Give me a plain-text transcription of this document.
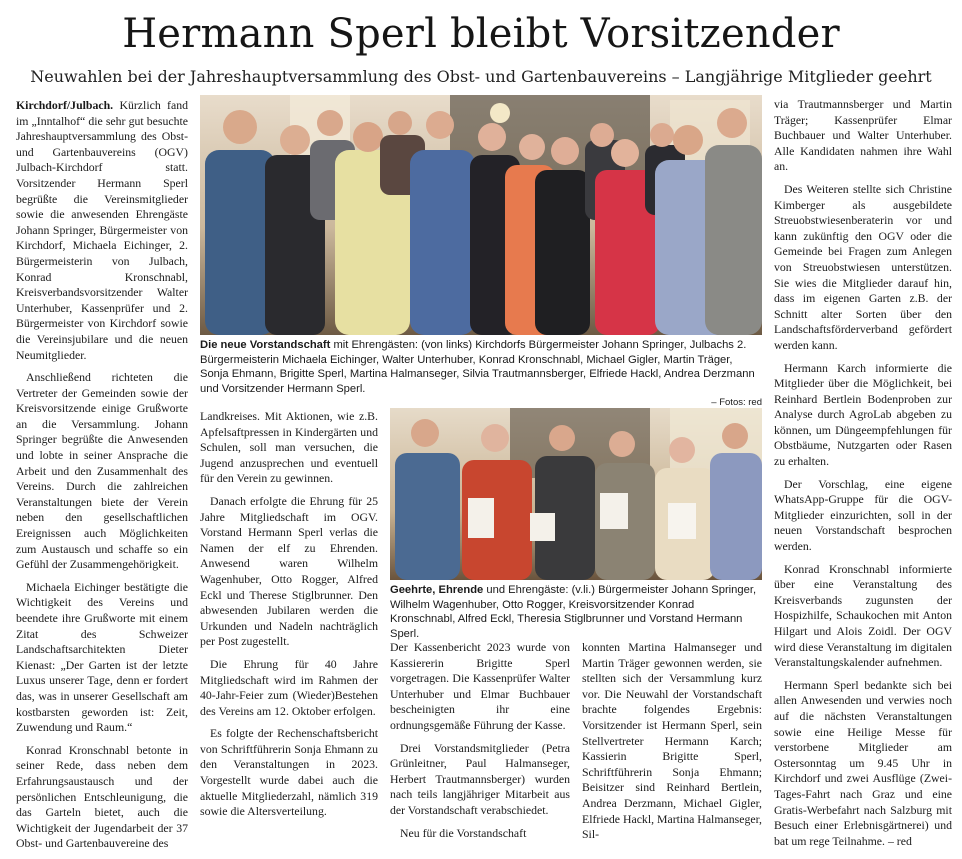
Hermann Sperl bleibt Vorsitzender
Neuwahlen bei der Jahreshauptversammlung des Obst- und Gartenbauvereins – Langjährige Mitglieder geehrt

Kirchdorf/Julbach. Kürzlich fand im „Inntalhof“ die sehr gut besuchte Jahreshauptversammlung des Obst- und Gartenbauvereins (OGV) Julbach-Kirchdorf statt. Vorsitzender Hermann Sperl begrüßte die Vereinsmitglieder sowie die anwesenden Ehrengäste Johann Springer, Bürgermeister von Kirchdorf, Michaela Eichinger, 2. Bürgermeisterin von Julbach, Konrad Kronschnabl, Kreisverbandsvorsitzender Walter Unterhuber, Kassenprüfer und 2. Bürgermeister von Kirchdorf sowie die Vereinsjubilare und die neuen Neumitglieder.

Anschließend richteten die Vertreter der Gemeinden sowie der Kreisvorsitzende einige Grußworte an die Versammlung. Johann Springer begrüßte die Anwesenden und lobte in seiner Ansprache die Arbeit und den Zusammenhalt des Vereins. Durch die zahlreichen Veranstaltungen biete der Verein neben den gesellschaftlichen Ereignissen auch Möglichkeiten zum Austausch und schaffe so ein Gefühl der Zusammengehörigkeit.

Michaela Eichinger bestätigte die Wichtigkeit des Vereins und beendete ihre Grußworte mit einem Zitat des Schweizer Landschaftsarchitekten Dieter Kienast: „Der Garten ist der letzte Luxus unserer Tage, denn er fordert das, was in unserer Gesellschaft am kostbarsten geworden ist: Zeit, Zuwendung und Raum.“

Konrad Kronschnabl betonte in seiner Rede, dass neben dem Erfahrungsaustausch und der persönlichen Entschleunigung, die das Garteln bietet, auch die Wichtigkeit der Jugendarbeit der 37 Obst- und Gartenbauvereine des

Die neue Vorstandschaft mit Ehrengästen: (von links) Kirchdorfs Bürgermeister Johann Springer, Julbachs 2. Bürgermeisterin Michaela Eichinger, Walter Unterhuber, Konrad Kronschnabl, Michael Gigler, Martin Träger, Sonja Ehmann, Brigitte Sperl, Martina Halmanseger, Silvia Trautmannsberger, Elfriede Hackl, Andrea Derzmann und Vorsitzender Hermann Sperl.
– Fotos: red

Landkreises. Mit Aktionen, wie z.B. Apfelsaftpressen in Kindergärten und Schulen, soll man versuchen, die Jugend anzusprechen und eventuell für den Verein zu gewinnen.

Danach erfolgte die Ehrung für 25 Jahre Mitgliedschaft im OGV. Vorstand Hermann Sperl verlas die Namen der elf zu Ehrenden. Anwesend waren Wilhelm Wagenhuber, Otto Rogger, Alfred Eckl und Therese Stiglbrunner. Den abwesenden Jubilaren werden die Urkunden und Nadeln nachträglich per Post zugestellt.

Die Ehrung für 40 Jahre Mitgliedschaft wird im Rahmen der 40-Jahr-Feier zum (Wieder)Bestehen des Vereins am 12. Oktober erfolgen.

Es folgte der Rechenschaftsbericht von Schriftführerin Sonja Ehmann zu den Veranstaltungen in 2023. Vorgestellt wurde dabei auch die aktuelle Mitgliederzahl, nämlich 319 sowie die Altersverteilung.

Geehrte, Ehrende und Ehrengäste: (v.li.) Bürgermeister Johann Springer, Wilhelm Wagenhuber, Otto Rogger, Kreisvorsitzender Konrad Kronschnabl, Alfred Eckl, Theresia Stiglbrunner und Vorstand Hermann Sperl.

Der Kassenbericht 2023 wurde von Kassiererin Brigitte Sperl vorgetragen. Die Kassenprüfer Walter Unterhuber und Elmar Buchbauer bescheinigten ihr eine ordnungsgemäße Führung der Kasse.

Drei Vorstandsmitglieder (Petra Grünleitner, Paul Halmanseger, Herbert Trautmannsberger) wurden nach teils langjähriger Mitarbeit aus der Vorstandschaft verabschiedet.

Neu für die Vorstandschaft

konnten Martina Halmanseger und Martin Träger gewonnen werden, sie stellten sich der Versammlung kurz vor. Die Neuwahl der Vorstandschaft brachte folgendes Ergebnis: Vorsitzender ist Hermann Sperl, sein Stellvertreter Hermann Karch; Kassierin Brigitte Sperl, Schriftführerin Sonja Ehmann; Beisitzer sind Reinhard Bertlein, Andrea Derzmann, Michael Gigler, Elfriede Hackl, Martina Halmanseger, Sil-

via Trautmannsberger und Martin Träger; Kassenprüfer Elmar Buchbauer und Walter Unterhuber. Alle Kandidaten nahmen ihre Wahl an.

Des Weiteren stellte sich Christine Kimberger als ausgebildete Streuobstwiesenberaterin vor und kann zukünftig den OGV oder die Gemeinde bei Fragen zum Anlegen von Streuobstwiesen unterstützen. Sie wies die Mitglieder darauf hin, dass im eigenen Garten z.B. der Schnitt alter Sorten über den Landschaftsförderverband gefördert werden kann.

Hermann Karch informierte die Mitglieder über die Möglichkeit, bei Reinhard Bertlein Bodenproben zur Analyse durch AgroLab abgeben zu können, um Düngeempfehlungen für Obstbäume, Nutzgarten oder Rasen zu erhalten.

Der Vorschlag, eine eigene WhatsApp-Gruppe für die OGV-Mitglieder einzurichten, soll in der neuen Vorstandschaft besprochen werden.

Konrad Kronschnabl informierte über eine Veranstaltung des Kreisverbands zugunsten der Hospizhilfe, Schaukochen mit Anton Hilgart und Alois Zoidl. Der OGV wird diese Veranstaltung im digitalen Veranstaltungskalender aufnehmen.

Hermann Sperl bedankte sich bei allen Anwesenden und verwies noch auf die nächsten Veranstaltungen sowie eine Heilige Messe für verstorbene Mitglieder am Ostersonntag um 9.45 Uhr in Kirchdorf und zwei Ausflüge (Zwei-Tages-Fahrt nach Graz und eine Gratis-Werbefahrt nach Salzburg mit Besuch einer Erlebnisgärtnerei) und bat um rege Teilnahme. – red
